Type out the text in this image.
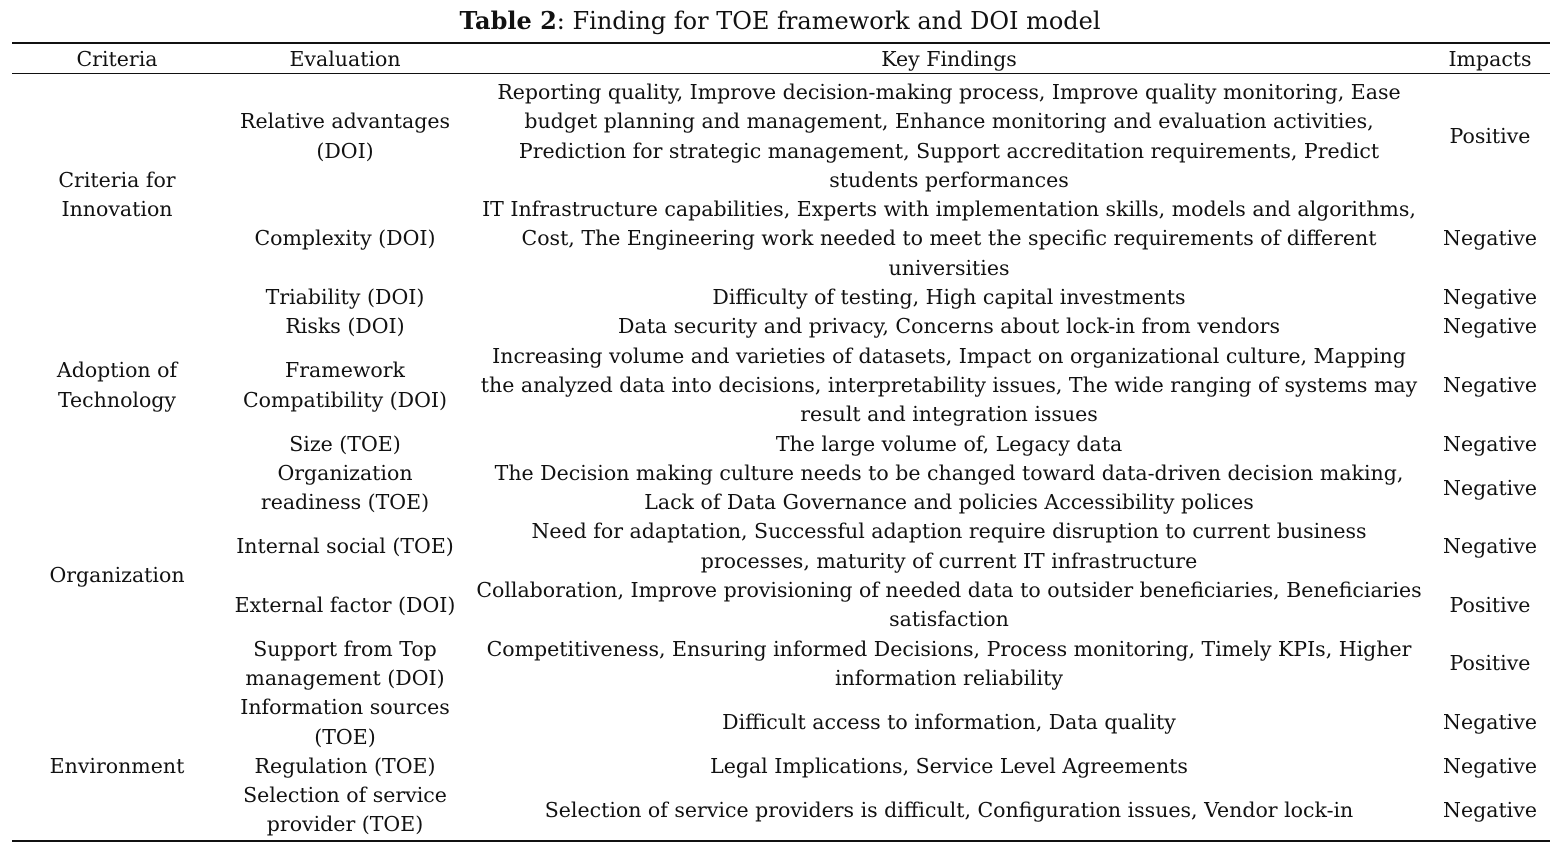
Table 2: Finding for TOE framework and DOI model
Criteria	Evaluation	Key Findings	Impacts

Criteria for Innovation	Relative advantages (DOI)	Reporting quality, Improve decision-making process, Improve quality monitoring, Ease budget planning and management, Enhance monitoring and evaluation activities, Prediction for strategic management, Support accreditation requirements, Predict students performances	Positive
	Complexity (DOI)	IT Infrastructure capabilities, Experts with implementation skills, models and algorithms, Cost, The Engineering work needed to meet the specific requirements of different universities	Negative
	Triability (DOI)	Difficulty of testing, High capital investments	Negative
Adoption of Technology	Risks (DOI)	Data security and privacy, Concerns about lock-in from vendors	Negative
	Framework Compatibility (DOI)	Increasing volume and varieties of datasets, Impact on organizational culture, Mapping the analyzed data into decisions, interpretability issues, The wide ranging of systems may result and integration issues	Negative
	Size (TOE)	The large volume of, Legacy data	Negative
Organization	Organization readiness (TOE)	The Decision making culture needs to be changed toward data-driven decision making, Lack of Data Governance and policies Accessibility polices	Negative
	Internal social (TOE)	Need for adaptation, Successful adaption require disruption to current business processes, maturity of current IT infrastructure	Negative
	External factor (DOI)	Collaboration, Improve provisioning of needed data to outsider beneficiaries, Beneficiaries satisfaction	Positive
	Support from Top management (DOI)	Competitiveness, Ensuring informed Decisions, Process monitoring, Timely KPIs, Higher information reliability	Positive
Environment	Information sources (TOE)	Difficult access to information, Data quality	Negative
	Regulation (TOE)	Legal Implications, Service Level Agreements	Negative
	Selection of service provider (TOE)	Selection of service providers is difficult, Configuration issues, Vendor lock-in	Negative
